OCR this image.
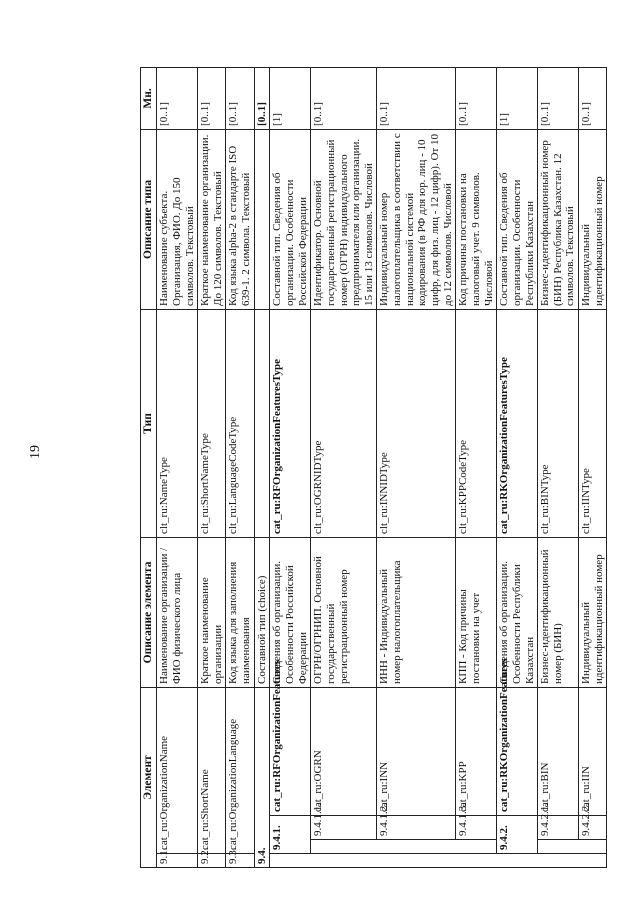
19
Элемент				Описание элемента	Тип	Описание типа	Мн.
9.1.	cat_ru:OrganizationName			Наименование организации /ФИО физического лица	clt_ru:NameType	Наименование субъекта. Организация, ФИО. До 150 символов. Текстовый	[0..1]
9.2.	cat_ru:ShortName			Краткое наименование организации	clt_ru:ShortNameType	Краткое наименование организации. До 120 символов. Текстовый	[0..1]
9.3.	cat_ru:OrganizationLanguage			Код языка для заполнения наименования	clt_ru:LanguageCodeType	Код языка alpha-2 в стандарте ISO 639-1. 2 символа. Текстовый	[0..1]
9.4.				Составной тип (choice)			[0..1]
	9.4.1.		cat_ru:RFOrganizationFeatures	Сведения об организации. Особенности Российской Федерации	cat_ru:RFOrganizationFeaturesType	Составной тип. Сведения об организации. Особенности Российской Федерации	[1]
		9.4.1.1.	cat_ru:OGRN	ОГРН/ОГРНИП. Основной государственный регистрационный номер	clt_ru:OGRNIDType	Идентификатор. Основной государственный регистрационный номер (ОГРН) индивидуального предпринимателя или организации. 15 или 13 символов. Числовой	[0..1]
		9.4.1.2.	cat_ru:INN	ИНН - Индивидуальный номер налогоплательщика	clt_ru:INNIDType	Индивидуальный номер налогоплательщика в соответствии с национальной системой кодирования (в РФ для юр. лиц - 10 цифр, для физ. лиц - 12 цифр). От 10 до 12 символов. Числовой	[0..1]
		9.4.1.3.	cat_ru:KPP	КПП - Код причины постановки на учет	clt_ru:KPPCodeType	Код причины постановки на налоговый учет. 9 символов. Числовой	[0..1]
	9.4.2.		cat_ru:RKOrganizationFeatures	Сведения об организации. Особенности Республики Казахстан	cat_ru:RKOrganizationFeaturesType	Составной тип. Сведения об организации. Особенности Республики Казахстан	[1]
		9.4.2.1.	cat_ru:BIN	Бизнес-идентификационный номер (БИН)	clt_ru:BINType	Бизнес-идентификационный номер (БИН) Республика Казахстан. 12 символов. Текстовый	[0..1]
		9.4.2.2.	cat_ru:IIN	Индивидуальный идентификационный номер	clt_ru:IINType	Индивидуальный идентификационный номер	[0..1]
